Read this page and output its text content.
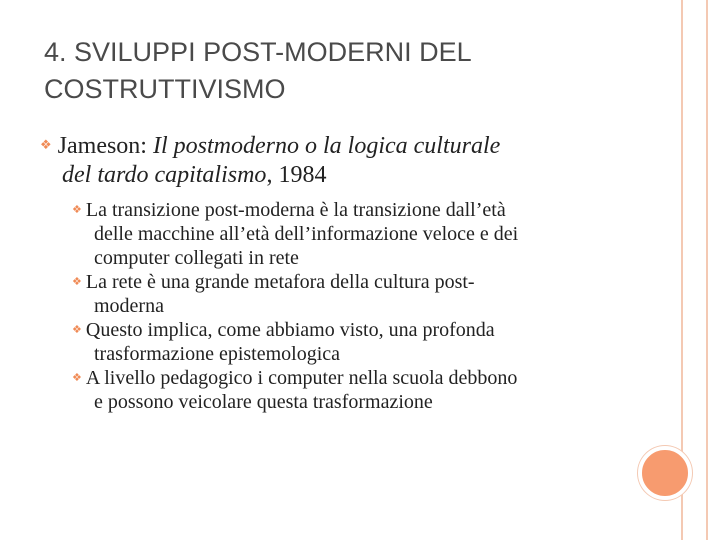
4. SVILUPPI POST-MODERNI DEL
COSTRUTTIVISMO
❖ Jameson: Il postmoderno o la logica culturale
del tardo capitalismo, 1984

❖ La transizione post-moderna è la transizione dall’età
delle macchine all’età dell’informazione veloce e dei
computer collegati in rete

❖ La rete è una grande metafora della cultura post-
moderna

❖ Questo implica, come abbiamo visto, una profonda
trasformazione epistemologica

❖ A livello pedagogico i computer nella scuola debbono
e possono veicolare questa trasformazione
